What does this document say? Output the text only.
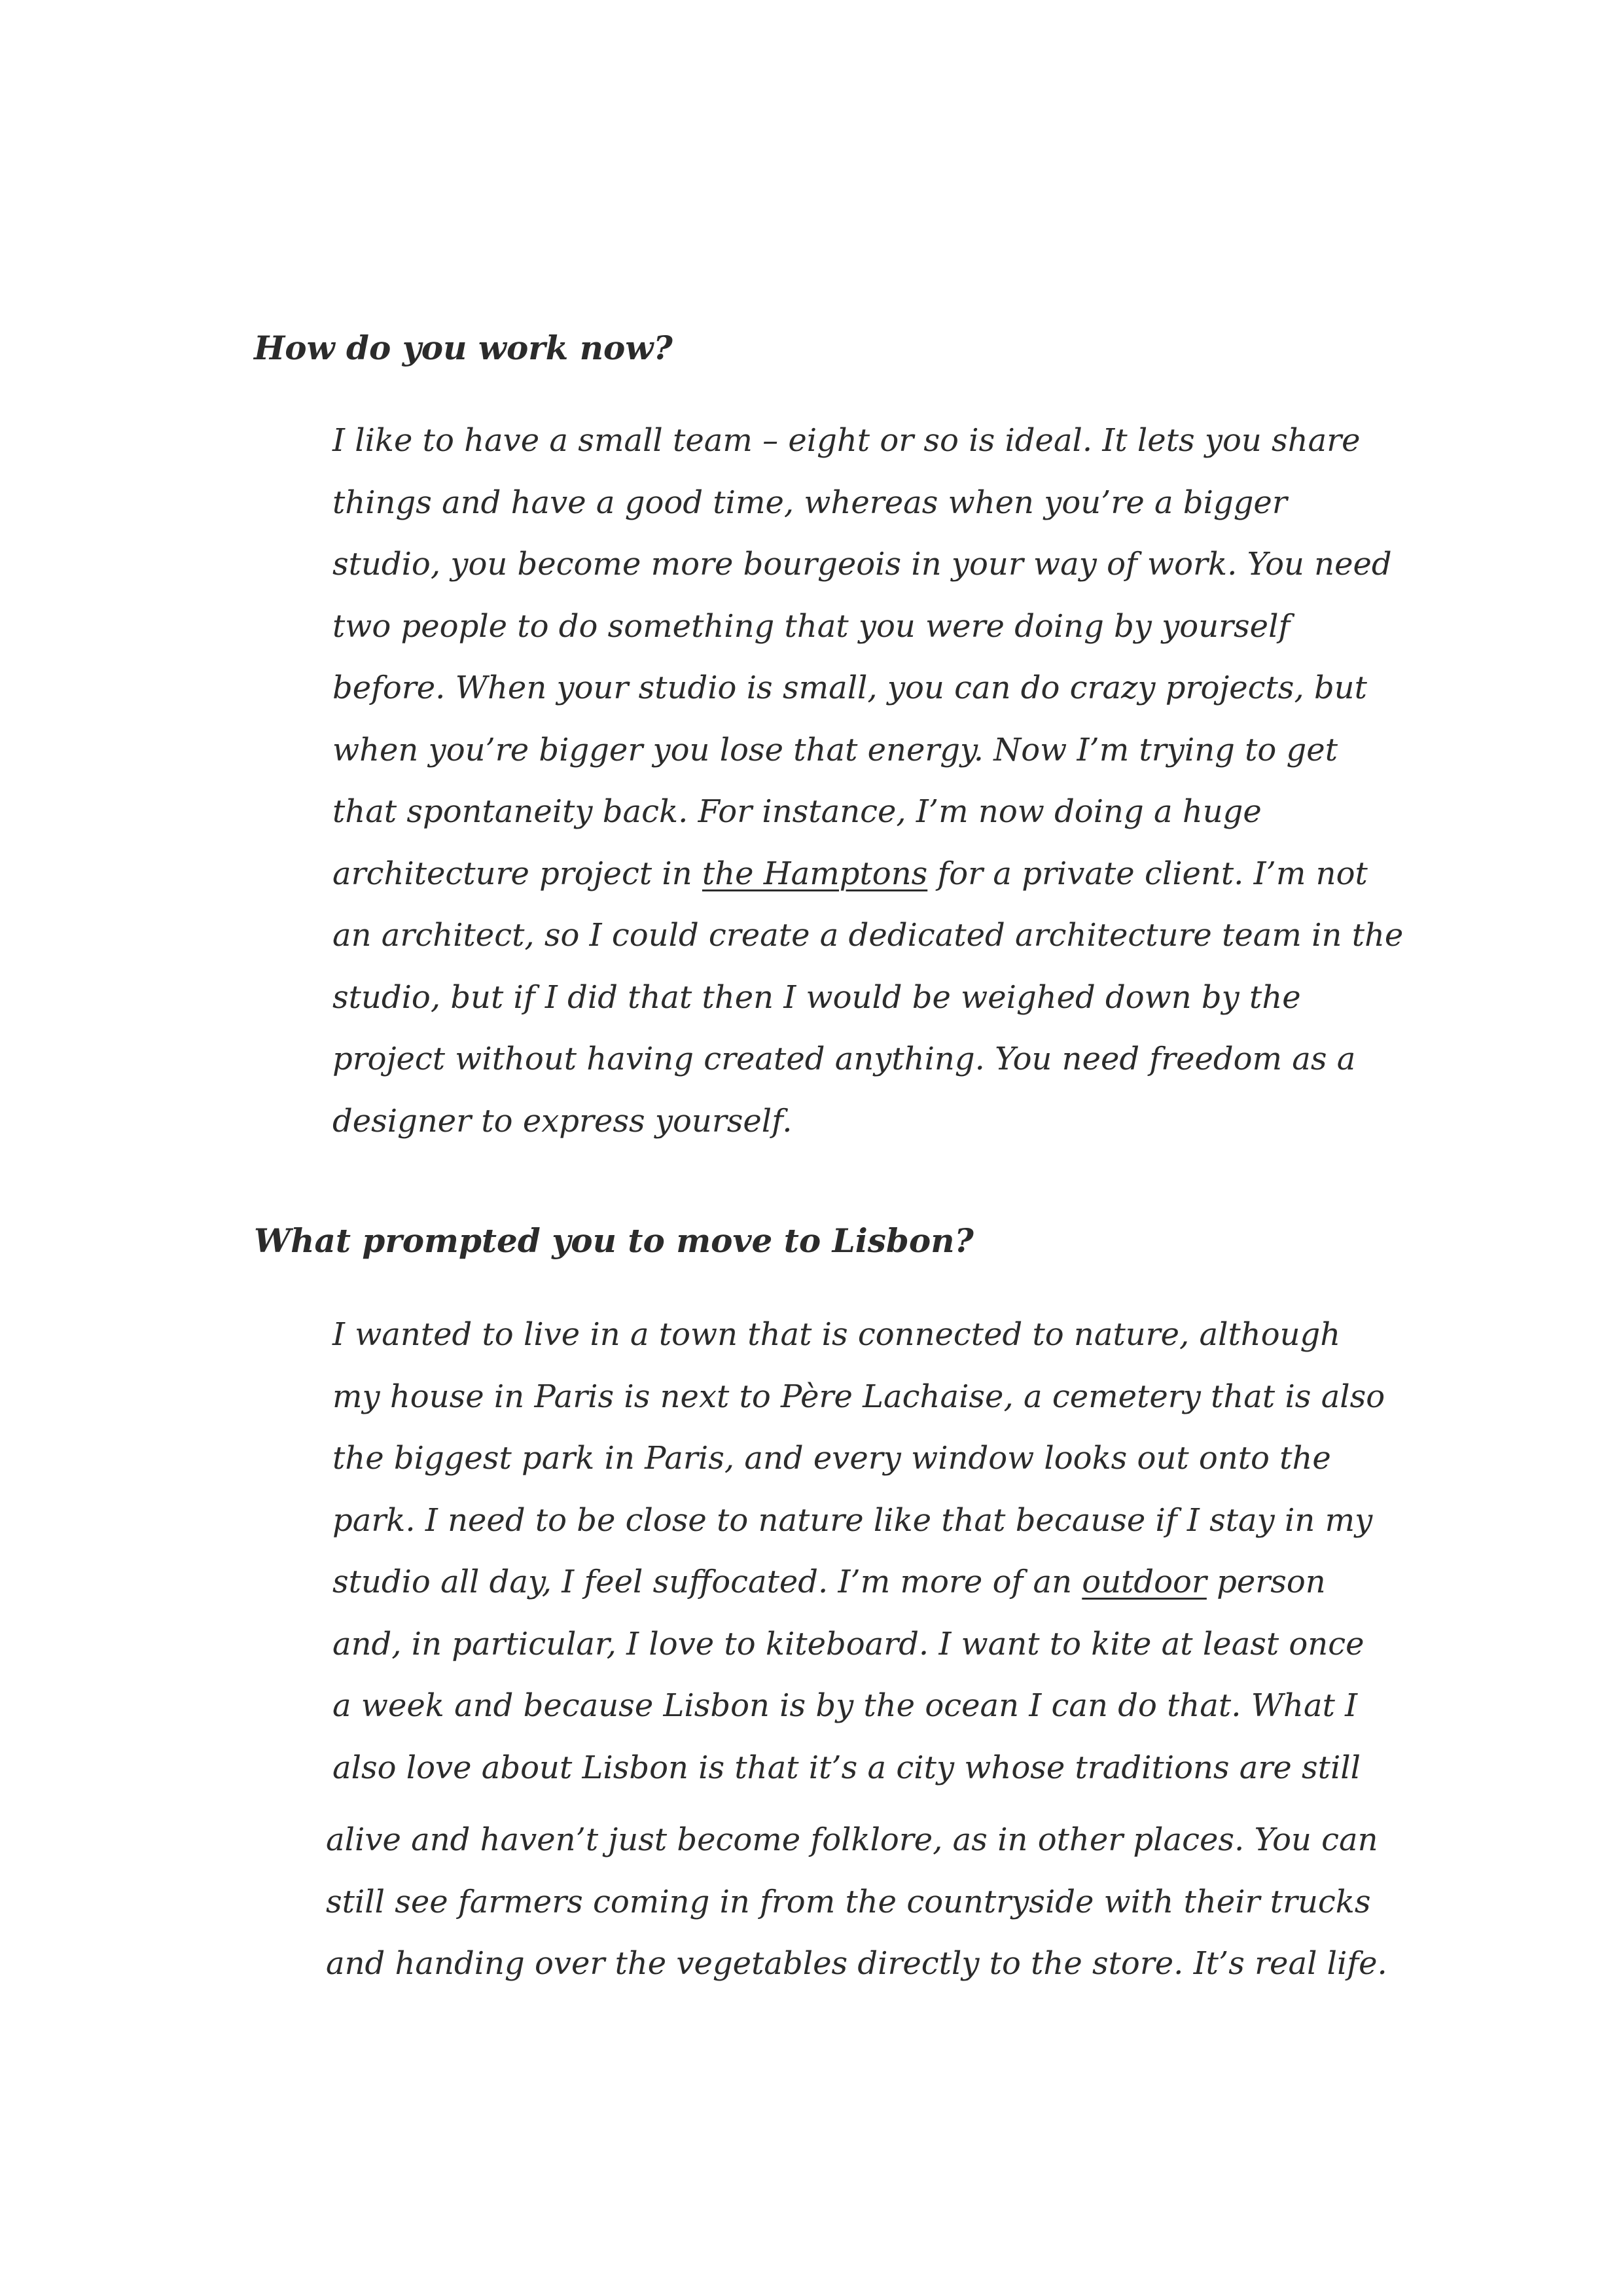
How do you work now?
I like to have a small team – eight or so is ideal. It lets you share
things and have a good time, whereas when you’re a bigger
studio, you become more bourgeois in your way of work. You need
two people to do something that you were doing by yourself
before. When your studio is small, you can do crazy projects, but
when you’re bigger you lose that energy. Now I’m trying to get
that spontaneity back. For instance, I’m now doing a huge
architecture project in the Hamptons for a private client. I’m not
an architect, so I could create a dedicated architecture team in the
studio, but if I did that then I would be weighed down by the
project without having created anything. You need freedom as a
designer to express yourself.
What prompted you to move to Lisbon?
I wanted to live in a town that is connected to nature, although
my house in Paris is next to Père Lachaise, a cemetery that is also
the biggest park in Paris, and every window looks out onto the
park. I need to be close to nature like that because if I stay in my
studio all day, I feel suffocated. I’m more of an outdoor person
and, in particular, I love to kiteboard. I want to kite at least once
a week and because Lisbon is by the ocean I can do that. What I
also love about Lisbon is that it’s a city whose traditions are still
alive and haven’t just become folklore, as in other places. You can
still see farmers coming in from the countryside with their trucks
and handing over the vegetables directly to the store. It’s real life.
